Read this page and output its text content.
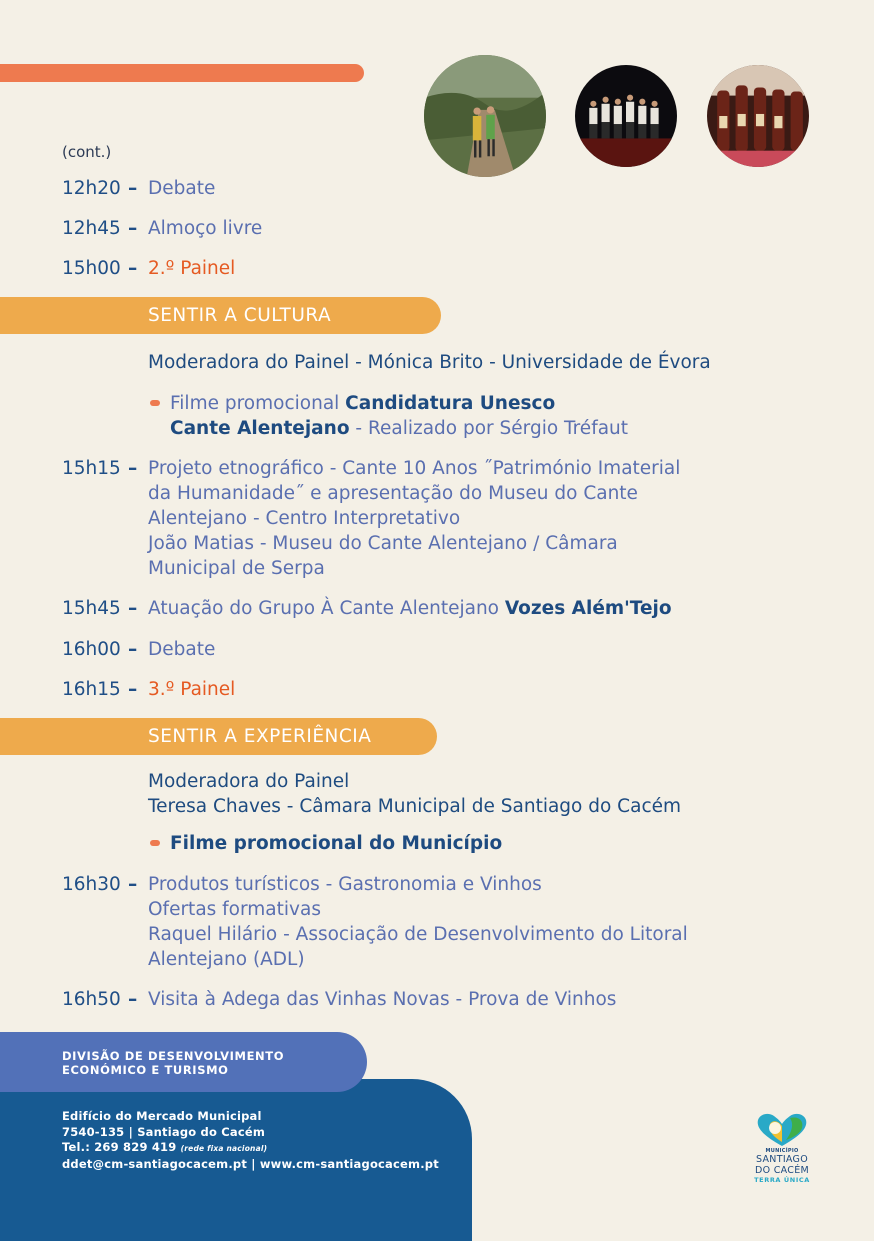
(cont.)
12h20 – Debate
12h45 – Almoço livre
15h00 – 2.º Painel
SENTIR A CULTURA
Moderadora do Painel - Mónica Brito - Universidade de Évora
Filme promocional Candidatura Unesco
Cante Alentejano - Realizado por Sérgio Tréfaut
15h15 – Projeto etnográfico - Cante 10 Anos ˝Património Imaterial
da Humanidade˝ e apresentação do Museu do Cante
Alentejano - Centro Interpretativo
João Matias - Museu do Cante Alentejano / Câmara
Municipal de Serpa
15h45 – Atuação do Grupo À Cante Alentejano Vozes Além'Tejo
16h00 – Debate
16h15 – 3.º Painel
SENTIR A EXPERIÊNCIA
Moderadora do Painel
Teresa Chaves - Câmara Municipal de Santiago do Cacém
Filme promocional do Município
16h30 – Produtos turísticos - Gastronomia e Vinhos
Ofertas formativas
Raquel Hilário - Associação de Desenvolvimento do Litoral
Alentejano (ADL)
16h50 – Visita à Adega das Vinhas Novas - Prova de Vinhos
DIVISÃO DE DESENVOLVIMENTO
ECONÓMICO E TURISMO
Edifício do Mercado Municipal
7540-135 | Santiago do Cacém
Tel.: 269 829 419 (rede fixa nacional)
ddet@cm-santiagocacem.pt | www.cm-santiagocacem.pt
MUNICÍPIO
SANTIAGO
DO CACÉM
TERRA ÚNICA
